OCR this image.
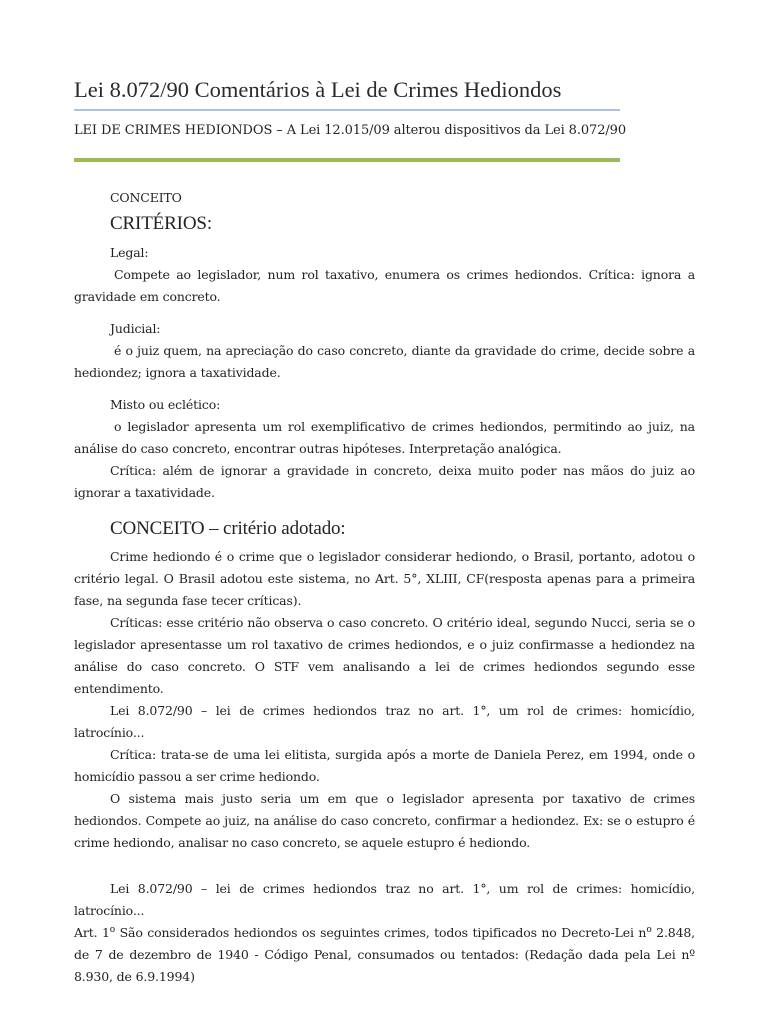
Lei 8.072/90 Comentários à Lei de Crimes Hediondos
LEI DE CRIMES HEDIONDOS – A Lei 12.015/09 alterou dispositivos da Lei 8.072/90

CONCEITO

CRITÉRIOS:

Legal:

Compete ao legislador, num rol taxativo, enumera os crimes hediondos. Crítica: ignora a gravidade em concreto.

Judicial:

é o juiz quem, na apreciação do caso concreto, diante da gravidade do crime, decide sobre a hediondez; ignora a taxatividade.

Misto ou eclético:

o legislador apresenta um rol exemplificativo de crimes hediondos, permitindo ao juiz, na análise do caso concreto, encontrar outras hipóteses. Interpretação analógica.

Crítica: além de ignorar a gravidade in concreto, deixa muito poder nas mãos do juiz ao ignorar a taxatividade.

CONCEITO – critério adotado:

Crime hediondo é o crime que o legislador considerar hediondo, o Brasil, portanto, adotou o critério legal. O Brasil adotou este sistema, no Art. 5°, XLIII, CF(resposta apenas para a primeira fase, na segunda fase tecer críticas).

Críticas: esse critério não observa o caso concreto. O critério ideal, segundo Nucci, seria se o legislador apresentasse um rol taxativo de crimes hediondos, e o juiz confirmasse a hediondez na análise do caso concreto. O STF vem analisando a lei de crimes hediondos segundo esse entendimento.

Lei 8.072/90 – lei de crimes hediondos traz no art. 1°, um rol de crimes: homicídio, latrocínio...

Crítica: trata-se de uma lei elitista, surgida após a morte de Daniela Perez, em 1994, onde o homicídio passou a ser crime hediondo.

O sistema mais justo seria um em que o legislador apresenta por taxativo de crimes hediondos. Compete ao juiz, na análise do caso concreto, confirmar a hediondez. Ex: se o estupro é crime hediondo, analisar no caso concreto, se aquele estupro é hediondo.

Lei 8.072/90 – lei de crimes hediondos traz no art. 1°, um rol de crimes: homicídio, latrocínio...

Art. 1$^o$ São considerados hediondos os seguintes crimes, todos tipificados no Decreto-Lei $n^o$ 2.848, de 7 de dezembro de 1940 - Código Penal, consumados ou tentados: (Redação dada pela Lei nº 8.930, de 6.9.1994)
